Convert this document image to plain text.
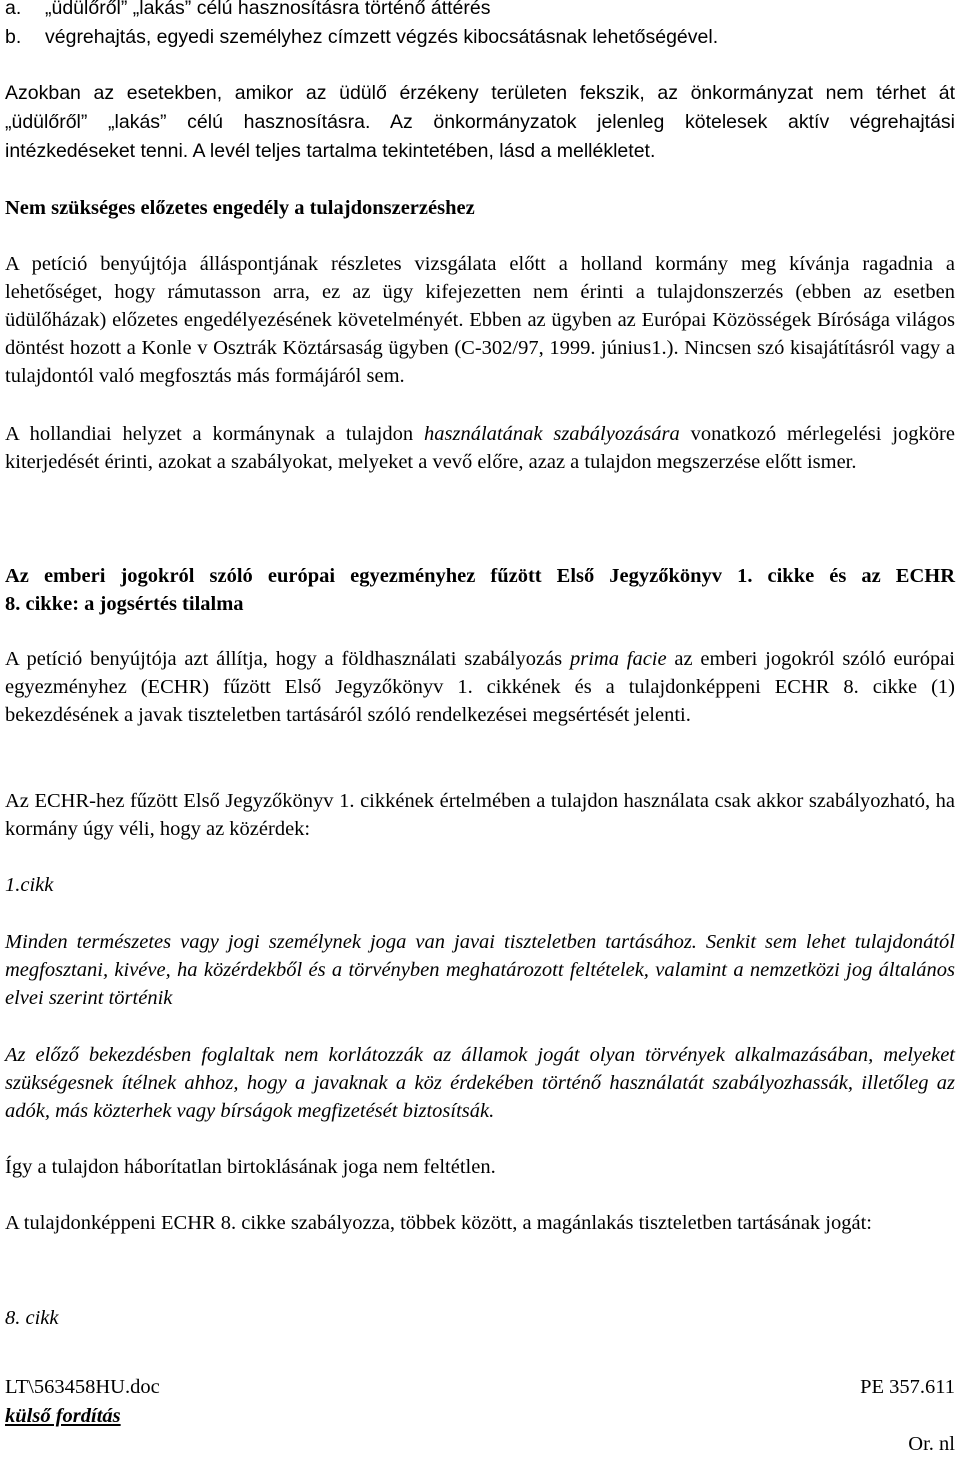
a.	„üdülőről” „lakás” célú hasznosításra történő áttérés
b.	végrehajtás, egyedi személyhez címzett végzés kibocsátásnak lehetőségével.
Azokban az esetekben, amikor az üdülő érzékeny területen fekszik, az önkormányzat nem térhet át
„üdülőről” „lakás” célú hasznosításra. Az önkormányzatok jelenleg kötelesek aktív végrehajtási
intézkedéseket tenni. A levél teljes tartalma tekintetében, lásd a mellékletet.
Nem szükséges előzetes engedély a tulajdonszerzéshez
A petíció benyújtója álláspontjának részletes vizsgálata előtt a holland kormány meg kívánja ragadnia a lehetőséget, hogy rámutasson arra, ez az ügy kifejezetten nem érinti a tulajdonszerzés (ebben az esetben üdülőházak) előzetes engedélyezésének követelményét. Ebben az ügyben az Európai Közösségek Bírósága világos döntést hozott a Konle v Osztrák Köztársaság ügyben (C-302/97, 1999. június1.). Nincsen szó kisajátításról vagy a tulajdontól való megfosztás más formájáról sem.
A hollandiai helyzet a kormánynak a tulajdon használatának szabályozására vonatkozó mérlegelési jogköre kiterjedését érinti, azokat a szabályokat, melyeket a vevő előre, azaz a tulajdon megszerzése előtt ismer.
Az emberi jogokról szóló európai egyezményhez fűzött Első Jegyzőkönyv 1. cikke és az ECHR
8. cikke: a jogsértés tilalma
A petíció benyújtója azt állítja, hogy a földhasználati szabályozás prima facie az emberi jogokról szóló európai egyezményhez (ECHR) fűzött Első Jegyzőkönyv 1. cikkének és a tulajdonképpeni ECHR 8. cikke (1) bekezdésének a javak tiszteletben tartásáról szóló rendelkezései megsértését jelenti.
Az ECHR-hez fűzött Első Jegyzőkönyv 1. cikkének értelmében a tulajdon használata csak akkor szabályozható, ha kormány úgy véli, hogy az közérdek:
1.cikk
Minden természetes vagy jogi személynek joga van javai tiszteletben tartásához. Senkit sem lehet tulajdonától megfosztani, kivéve, ha közérdekből és a törvényben meghatározott feltételek, valamint a nemzetközi jog általános elvei szerint történik
Az előző bekezdésben foglaltak nem korlátozzák az államok jogát olyan törvények alkalmazásában, melyeket szükségesnek ítélnek ahhoz, hogy a javaknak a köz érdekében történő használatát szabályozhassák, illetőleg az adók, más közterhek vagy bírságok megfizetését biztosítsák.
Így a tulajdon háborítatlan birtoklásának joga nem feltétlen.
A tulajdonképpeni ECHR 8. cikke szabályozza, többek között, a magánlakás tiszteletben tartásának jogát:
8. cikk
LT\563458HU.doc	PE 357.611
külső fordítás
Or. nl
